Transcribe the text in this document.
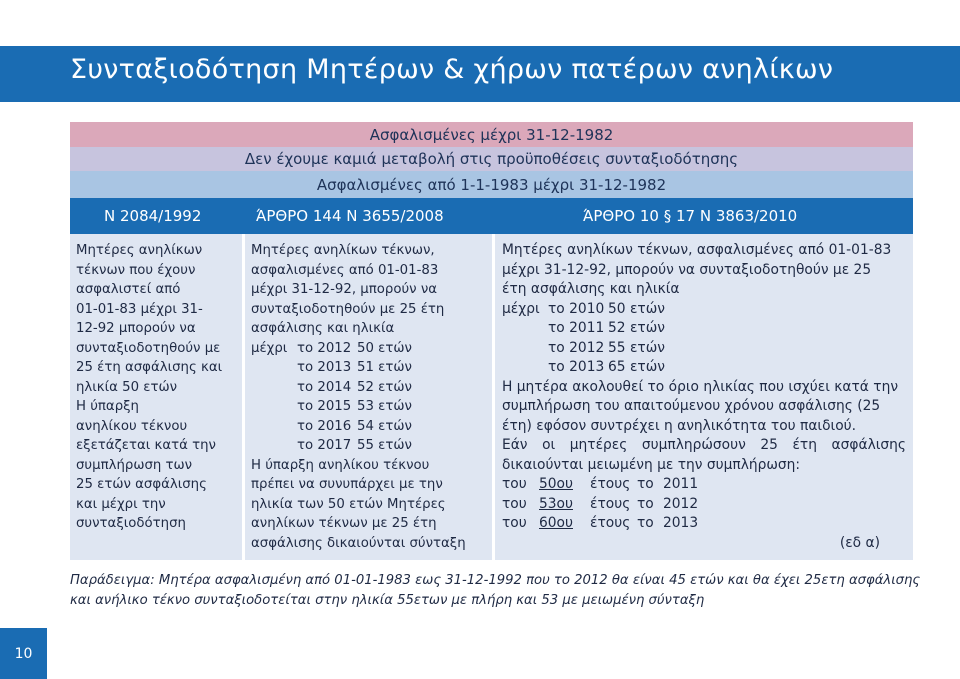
Συνταξιοδότηση Μητέρων & χήρων πατέρων ανηλίκων
Ασφαλισμένες μέχρι 31-12-1982
Δεν έχουμε καμιά μεταβολή στις προϋποθέσεις συνταξιοδότησης
Ασφαλισμένες από 1-1-1983 μέχρι 31-12-1982
Ν 2084/1992	ΆΡΘΡΟ 144 Ν 3655/2008	ΆΡΘΡΟ 10 § 17 Ν 3863/2010
Μητέρες ανηλίκων
τέκνων που έχουν
ασφαλιστεί από
01-01-83 μέχρι 31-
12-92 μπορούν να
συνταξιοδοτηθούν με
25 έτη ασφάλισης και
ηλικία 50 ετών
Η ύπαρξη
ανηλίκου τέκνου
εξετάζεται κατά την
συμπλήρωση των
25 ετών ασφάλισης
και μέχρι την
συνταξιοδότηση
Μητέρες ανηλίκων τέκνων,
ασφαλισμένες από 01-01-83
μέχρι 31-12-92, μπορούν να
συνταξιοδοτηθούν με 25 έτη
ασφάλισης και ηλικία
μέχρι το 2012 50 ετών
το 2013 51 ετών
το 2014 52 ετών
το 2015 53 ετών
το 2016 54 ετών
το 2017 55 ετών
Η ύπαρξη ανηλίκου τέκνου
πρέπει να συνυπάρχει με την
ηλικία των 50 ετών Μητέρες
ανηλίκων τέκνων με 25 έτη
ασφάλισης δικαιούνται σύνταξη
Μητέρες ανηλίκων τέκνων, ασφαλισμένες από 01-01-83
μέχρι 31-12-92, μπορούν να συνταξιοδοτηθούν με 25
έτη ασφάλισης και ηλικία
μέχρι το 2010 50 ετών
το 2011 52 ετών
το 2012 55 ετών
το 2013 65 ετών
Η μητέρα ακολουθεί το όριο ηλικίας που ισχύει κατά την
συμπλήρωση του απαιτούμενου χρόνου ασφάλισης (25
έτη) εφόσον συντρέχει η ανηλικότητα του παιδιού.
Εάν οι μητέρες συμπληρώσουν 25 έτη ασφάλισης
δικαιούνται μειωμένη με την συμπλήρωση:
του 50ου έτους το 2011
του 53ου έτους το 2012
του 60ου έτους το 2013
(εδ α)
Παράδειγμα: Μητέρα ασφαλισμένη από 01-01-1983 εως 31-12-1992 που το 2012 θα είναι 45 ετών και θα έχει 25ετη ασφάλισης
και ανήλικο τέκνο συνταξιοδοτείται στην ηλικία 55ετων με πλήρη και 53 με μειωμένη σύνταξη
10
